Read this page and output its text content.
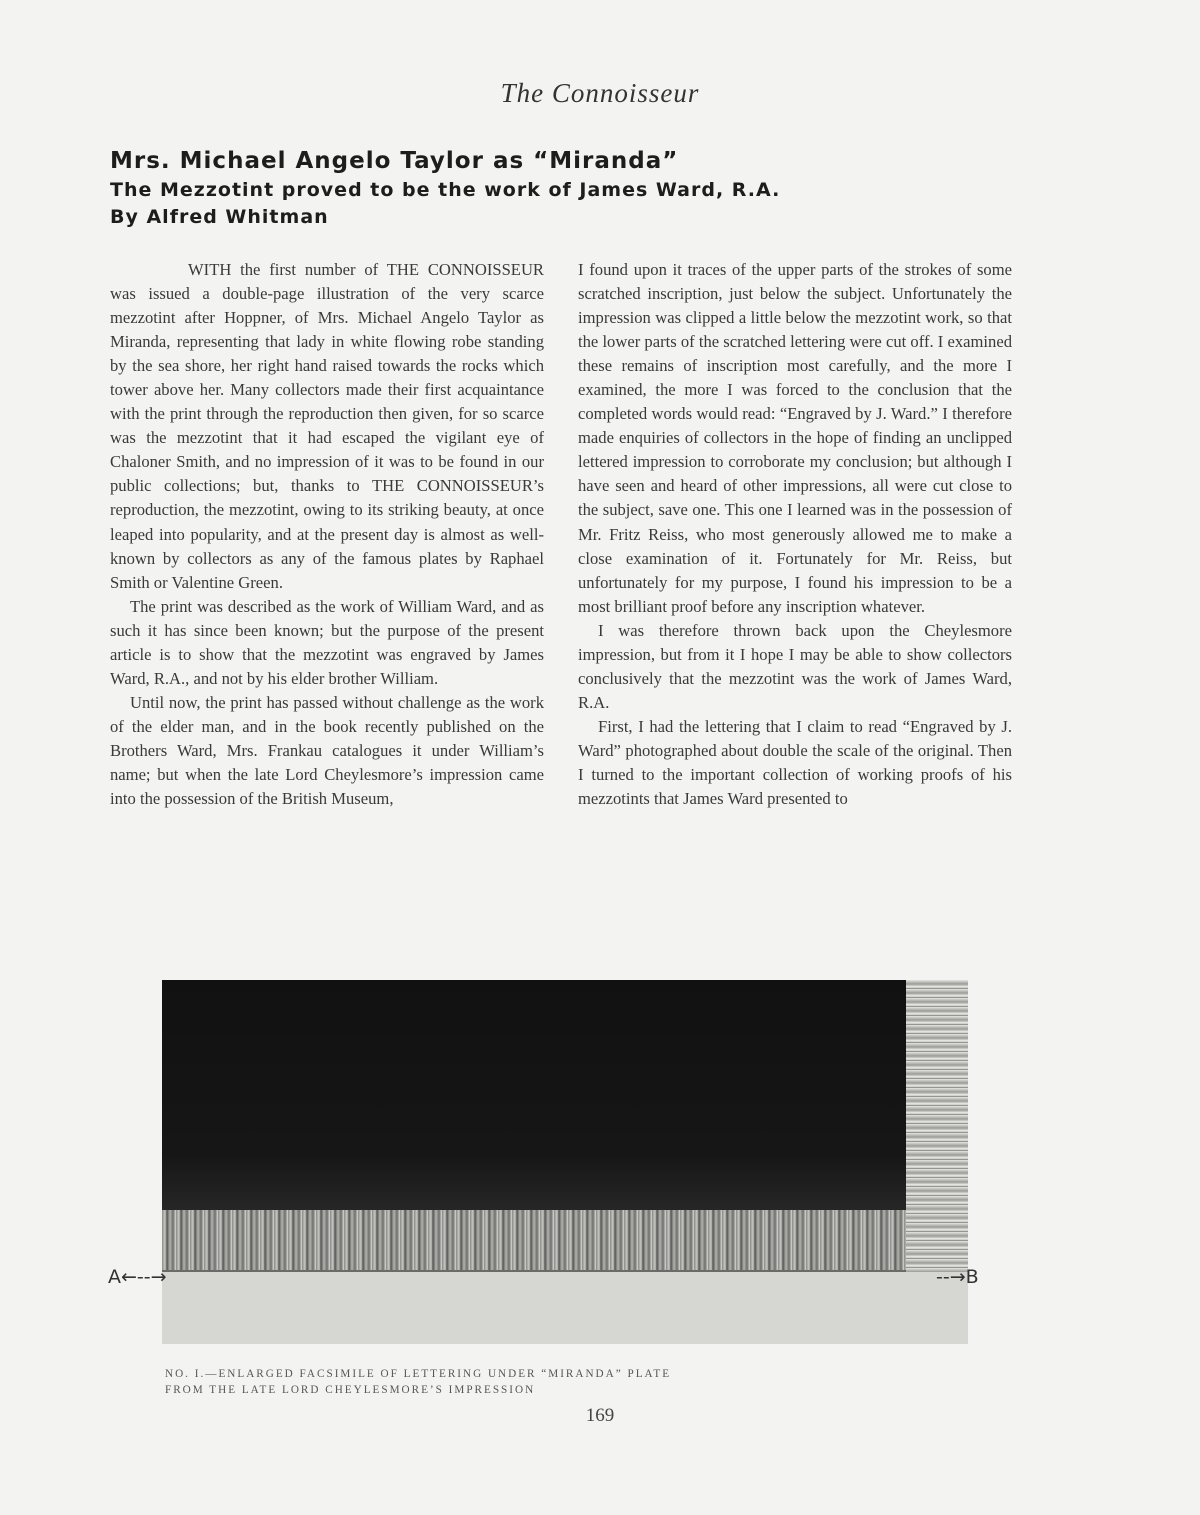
The Connoisseur
Mrs. Michael Angelo Taylor as “Miranda”
The Mezzotint proved to be the work of James Ward, R.A.
By Alfred Whitman

WITH the first number of THE CONNOISSEUR was issued a double-page illustration of the very scarce mezzotint after Hoppner, of Mrs. Michael Angelo Taylor as Miranda, representing that lady in white flowing robe standing by the sea shore, her right hand raised towards the rocks which tower above her. Many collectors made their first acquaintance with the print through the reproduction then given, for so scarce was the mezzotint that it had escaped the vigilant eye of Chaloner Smith, and no impression of it was to be found in our public collections; but, thanks to THE CONNOISSEUR’s reproduction, the mezzotint, owing to its striking beauty, at once leaped into popularity, and at the present day is almost as well-known by collectors as any of the famous plates by Raphael Smith or Valentine Green.

The print was described as the work of William Ward, and as such it has since been known; but the purpose of the present article is to show that the mezzotint was engraved by James Ward, R.A., and not by his elder brother William.

Until now, the print has passed without challenge as the work of the elder man, and in the book recently published on the Brothers Ward, Mrs. Frankau catalogues it under William’s name; but when the late Lord Cheylesmore’s impression came into the possession of the British Museum,

I found upon it traces of the upper parts of the strokes of some scratched inscription, just below the subject. Unfortunately the impression was clipped a little below the mezzotint work, so that the lower parts of the scratched lettering were cut off. I examined these remains of inscription most carefully, and the more I examined, the more I was forced to the conclusion that the completed words would read: “Engraved by J. Ward.” I therefore made enquiries of collectors in the hope of finding an unclipped lettered impression to corroborate my conclusion; but although I have seen and heard of other impressions, all were cut close to the subject, save one. This one I learned was in the possession of Mr. Fritz Reiss, who most generously allowed me to make a close examination of it. Fortunately for Mr. Reiss, but unfortunately for my purpose, I found his impression to be a most brilliant proof before any inscription whatever.

I was therefore thrown back upon the Cheylesmore impression, but from it I hope I may be able to show collectors conclusively that the mezzotint was the work of James Ward, R.A.

First, I had the lettering that I claim to read “Engraved by J. Ward” photographed about double the scale of the original. Then I turned to the important collection of working proofs of his mezzotints that James Ward presented to

A←--→	--→B
NO. I.—ENLARGED FACSIMILE OF LETTERING UNDER “MIRANDA” PLATE
FROM THE LATE LORD CHEYLESMORE’S IMPRESSION
169
